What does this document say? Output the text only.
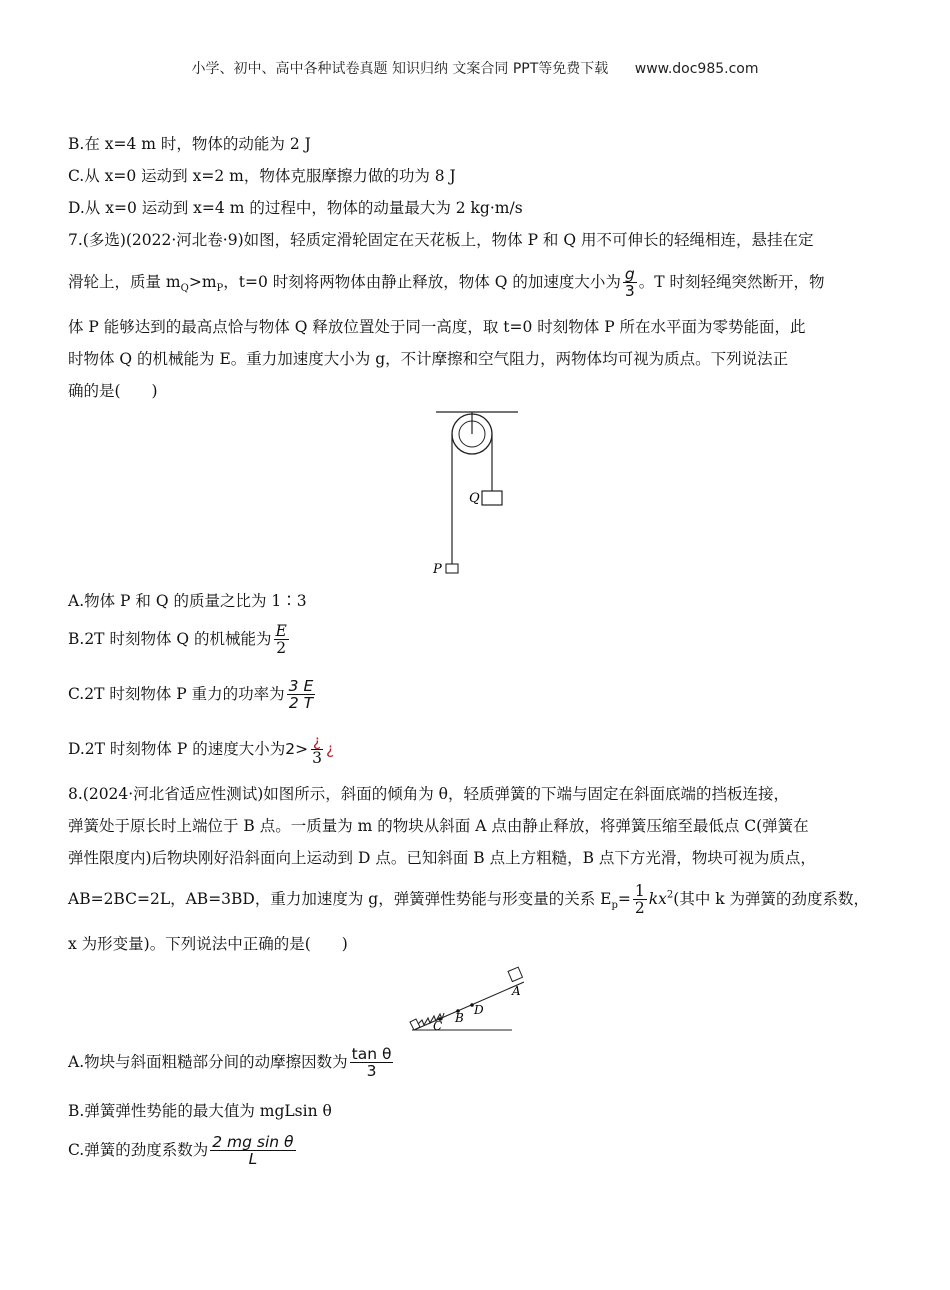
小学、初中、高中各种试卷真题 知识归纳 文案合同 PPT等免费下载 www.doc985.com
B.在 x=4 m 时，物体的动能为 2 J
C.从 x=0 运动到 x=2 m，物体克服摩擦力做的功为 8 J
D.从 x=0 运动到 x=4 m 的过程中，物体的动量最大为 2 kg·m/s
7.(多选)(2022·河北卷·9)如图，轻质定滑轮固定在天花板上，物体 P 和 Q 用不可伸长的轻绳相连，悬挂在定
滑轮上，质量 $m_Q>m_P$，t=0 时刻将两物体由静止释放，物体 Q 的加速度大小为 $\frac{g}{3}$ 。T 时刻轻绳突然断开，物
体 P 能够达到的最高点恰与物体 Q 释放位置处于同一高度，取 t=0 时刻物体 P 所在水平面为零势能面，此
时物体 Q 的机械能为 E。重力加速度大小为 g，不计摩擦和空气阻力，两物体均可视为质点。下列说法正
确的是(　　)
Q
P
A.物体 P 和 Q 的质量之比为 1∶3
B.2T 时刻物体 Q 的机械能为 $\frac{E}{2}$
C.2T 时刻物体 P 重力的功率为 $\frac{3 E}{2 T}$
D.2T 时刻物体 P 的速度大小为$2> \frac{¿}{3}$ ¿
8.(2024·河北省适应性测试)如图所示，斜面的倾角为 θ，轻质弹簧的下端与固定在斜面底端的挡板连接，
弹簧处于原长时上端位于 B 点。一质量为 m 的物块从斜面 A 点由静止释放，将弹簧压缩至最低点 C(弹簧在
弹性限度内)后物块刚好沿斜面向上运动到 D 点。已知斜面 B 点上方粗糙，B 点下方光滑，物块可视为质点，
AB=2BC=2L，AB=3BD，重力加速度为 g，弹簧弹性势能与形变量的关系 $E_p= \frac{1}{2} kx^2$(其中 k 为弹簧的劲度系数，
x 为形变量)。下列说法中正确的是(　　)
C
B
D
A
A.物块与斜面粗糙部分间的动摩擦因数为 $\frac{\text{tan θ}}{3}$
B.弹簧弹性势能的最大值为 mgLsin θ
C.弹簧的劲度系数为 $\frac{\text{2 mg sin θ}}{L}$
